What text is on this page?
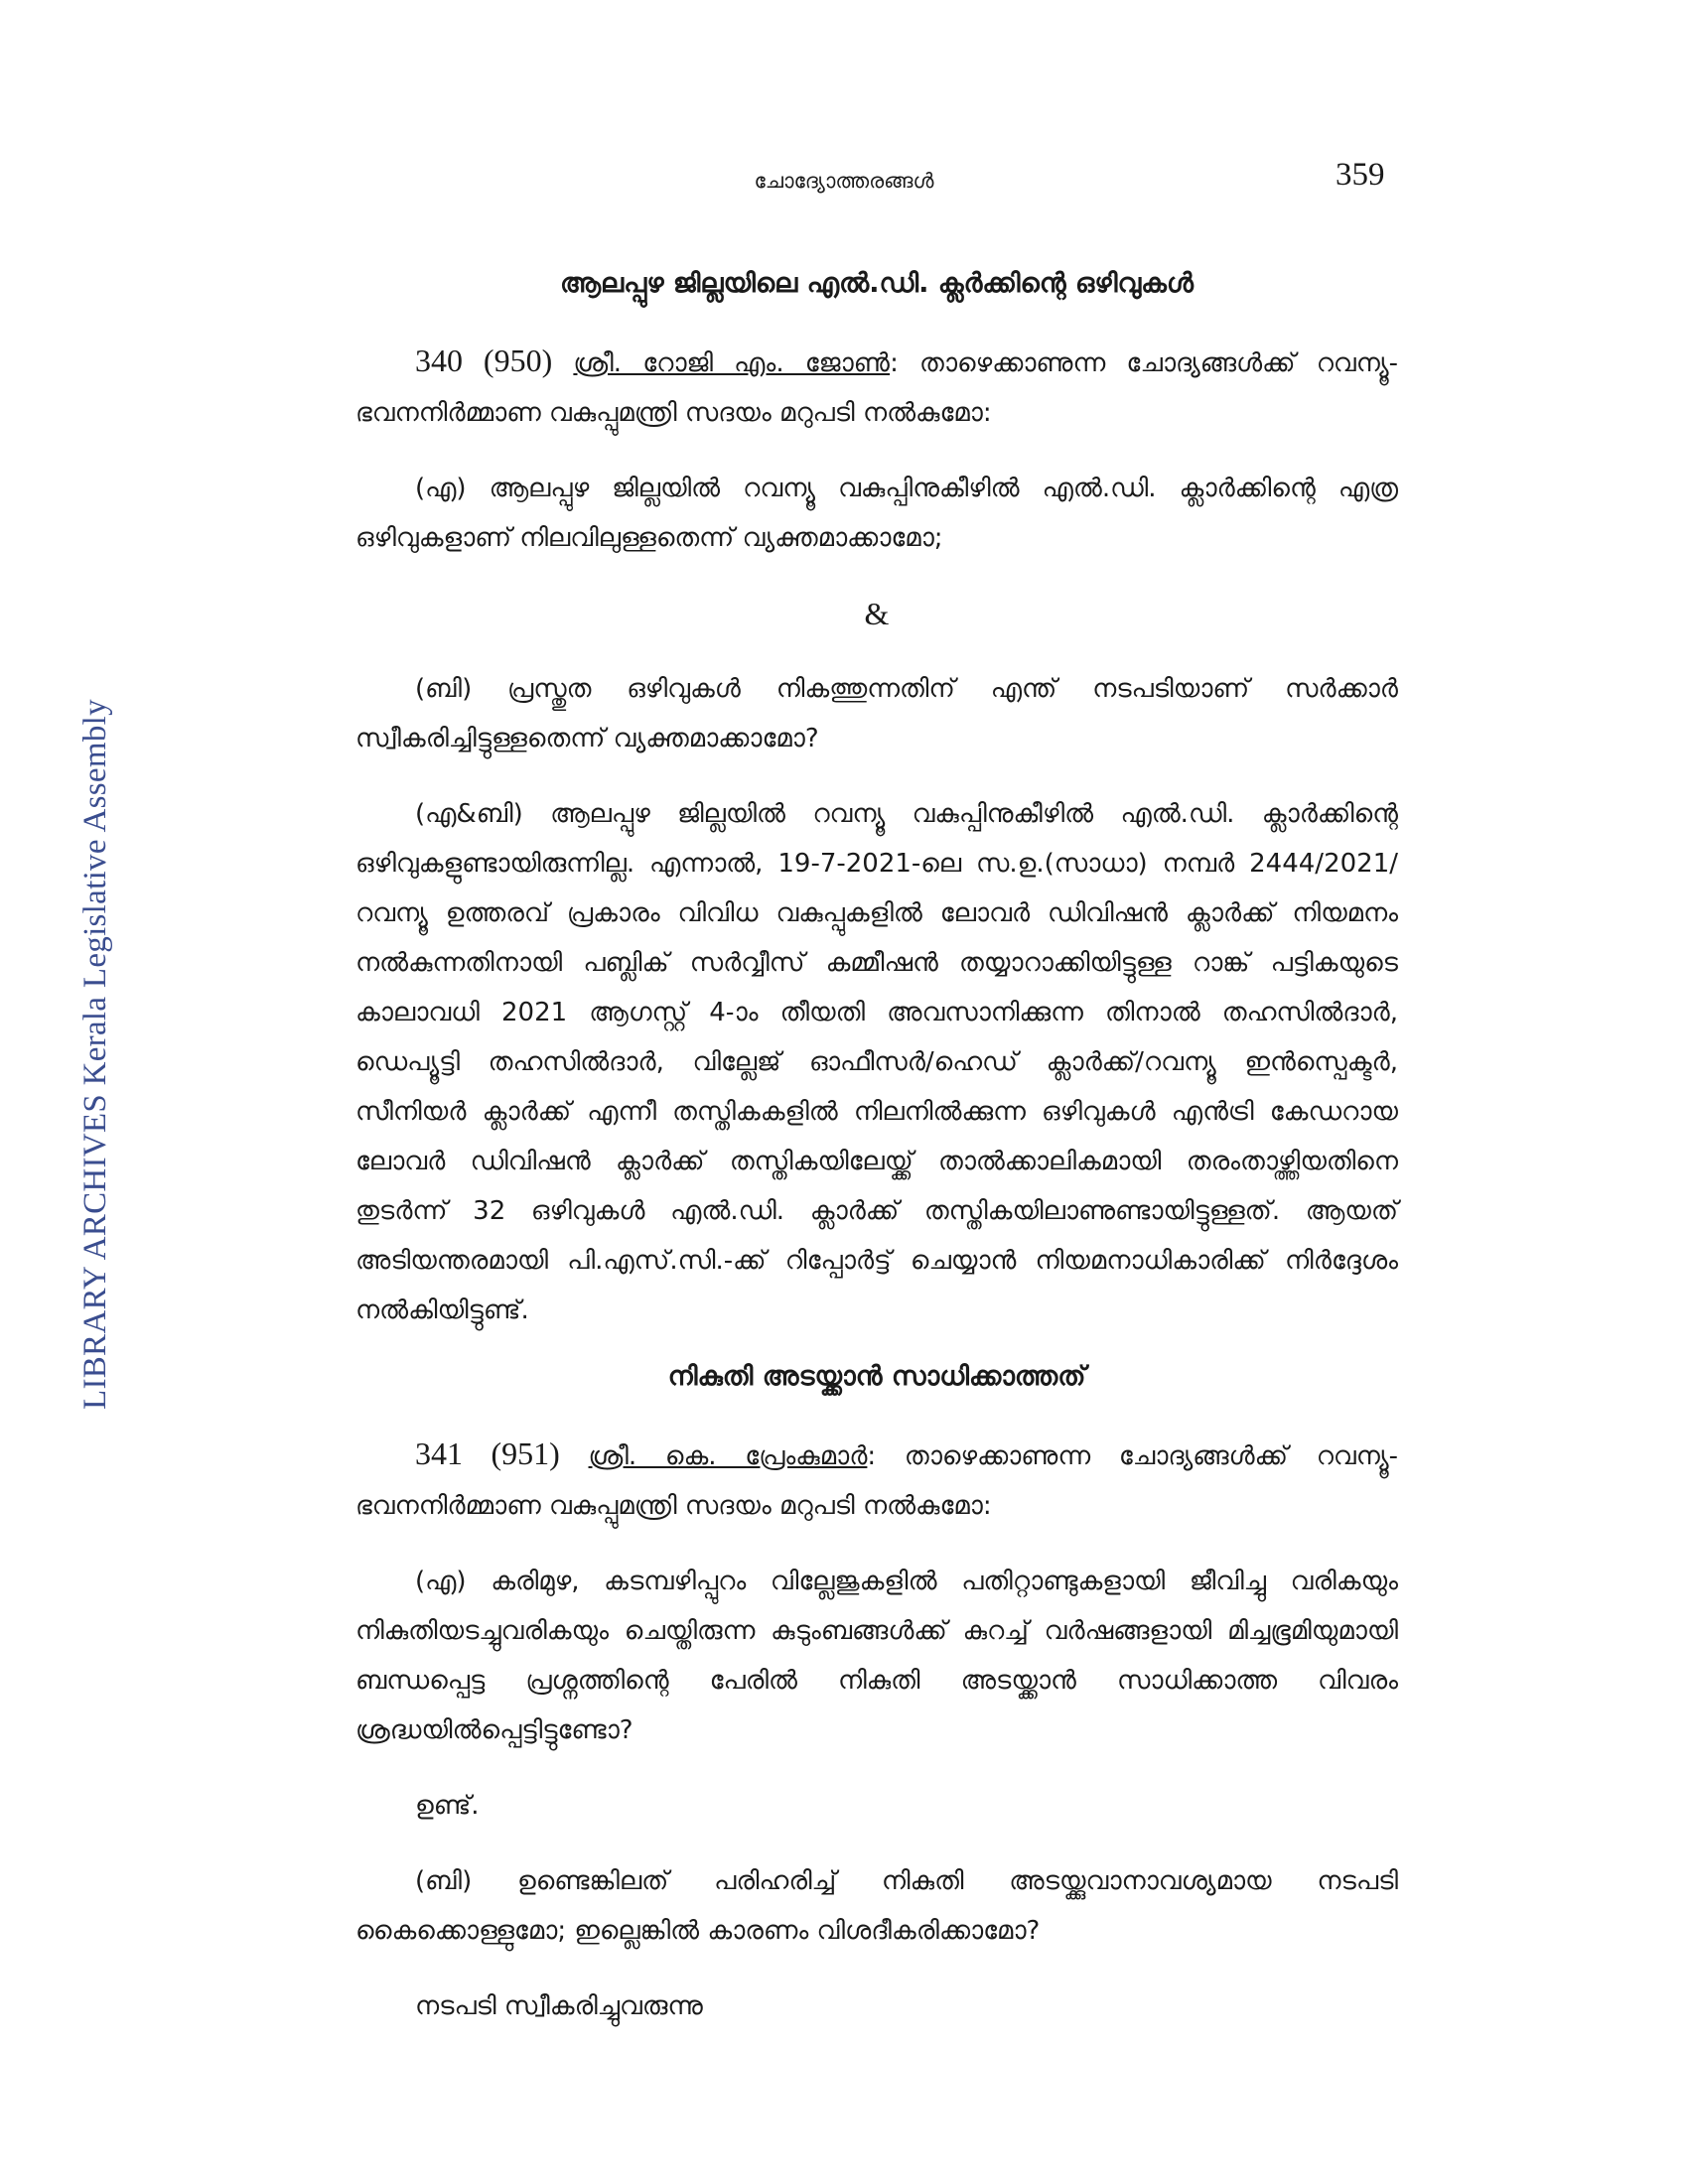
LIBRARY ARCHIVES Kerala Legislative Assembly
ചോദ്യോത്തരങ്ങൾ	359
ആലപ്പുഴ ജില്ലയിലെ എൽ.ഡി. ക്ലർക്കിന്റെ ഒഴിവുകൾ

340 (950) ശ്രീ. റോജി എം. ജോൺ: താഴെക്കാണുന്ന ചോദ്യങ്ങൾക്ക് റവന്യൂ-ഭവനനിർമ്മാണ വകുപ്പുമന്ത്രി സദയം മറുപടി നൽകുമോ:

(എ) ആലപ്പുഴ ജില്ലയിൽ റവന്യൂ വകുപ്പിനുകീഴിൽ എൽ.ഡി. ക്ലാർക്കിന്റെ എത്ര ഒഴിവുകളാണ് നിലവിലുള്ളതെന്ന് വ്യക്തമാക്കാമോ;

&

(ബി) പ്രസ്തുത ഒഴിവുകൾ നികത്തുന്നതിന് എന്ത് നടപടിയാണ് സർക്കാർ സ്വീകരിച്ചിട്ടുള്ളതെന്ന് വ്യക്തമാക്കാമോ?

(എ&ബി) ആലപ്പുഴ ജില്ലയിൽ റവന്യൂ വകുപ്പിനുകീഴിൽ എൽ.ഡി. ക്ലാർക്കിന്റെ ഒഴിവുകളുണ്ടായിരുന്നില്ല. എന്നാൽ, 19-7-2021-ലെ സ.ഉ.(സാധാ) നമ്പർ 2444/2021/ റവന്യൂ ഉത്തരവ് പ്രകാരം വിവിധ വകുപ്പുകളിൽ ലോവർ ഡിവിഷൻ ക്ലാർക്ക് നിയമനം നൽകുന്നതിനായി പബ്ലിക് സർവ്വീസ് കമ്മീഷൻ തയ്യാറാക്കിയിട്ടുള്ള റാങ്ക് പട്ടികയുടെ കാലാവധി 2021 ആഗസ്റ്റ് 4-ാം തീയതി അവസാനിക്കുന്ന തിനാൽ തഹസിൽദാർ, ഡെപ്യൂട്ടി തഹസിൽദാർ, വില്ലേജ് ഓഫീസർ/ഹെഡ് ക്ലാർക്ക്/റവന്യൂ ഇൻസ്പെക്ടർ, സീനിയർ ക്ലാർക്ക് എന്നീ തസ്തികകളിൽ നിലനിൽക്കുന്ന ഒഴിവുകൾ എൻട്രി കേഡറായ ലോവർ ഡിവിഷൻ ക്ലാർക്ക് തസ്തികയിലേയ്ക്ക് താൽക്കാലികമായി തരംതാഴ്ത്തിയതിനെ തുടർന്ന് 32 ഒഴിവുകൾ എൽ.ഡി. ക്ലാർക്ക് തസ്തികയിലാണുണ്ടായിട്ടുള്ളത്. ആയത് അടിയന്തരമായി പി.എസ്.സി.-ക്ക് റിപ്പോർട്ട് ചെയ്യാൻ നിയമനാധികാരിക്ക് നിർദ്ദേശം നൽകിയിട്ടുണ്ട്.

നികുതി അടയ്ക്കാൻ സാധിക്കാത്തത്

341 (951) ശ്രീ. കെ. പ്രേംകുമാർ: താഴെക്കാണുന്ന ചോദ്യങ്ങൾക്ക് റവന്യൂ-ഭവനനിർമ്മാണ വകുപ്പുമന്ത്രി സദയം മറുപടി നൽകുമോ:

(എ) കരിമുഴ, കടമ്പഴിപ്പുറം വില്ലേജുകളിൽ പതിറ്റാണ്ടുകളായി ജീവിച്ചു വരികയും നികുതിയടച്ചുവരികയും ചെയ്തിരുന്ന കുടുംബങ്ങൾക്ക് കുറച്ച് വർഷങ്ങളായി മിച്ചഭൂമിയുമായി ബന്ധപ്പെട്ട പ്രശ്നത്തിന്റെ പേരിൽ നികുതി അടയ്ക്കാൻ സാധിക്കാത്ത വിവരം ശ്രദ്ധയിൽപ്പെട്ടിട്ടുണ്ടോ?

ഉണ്ട്.

(ബി) ഉണ്ടെങ്കിലത് പരിഹരിച്ച് നികുതി അടയ്ക്കുവാനാവശ്യമായ നടപടി കൈക്കൊള്ളുമോ; ഇല്ലെങ്കിൽ കാരണം വിശദീകരിക്കാമോ?

നടപടി സ്വീകരിച്ചുവരുന്നു
